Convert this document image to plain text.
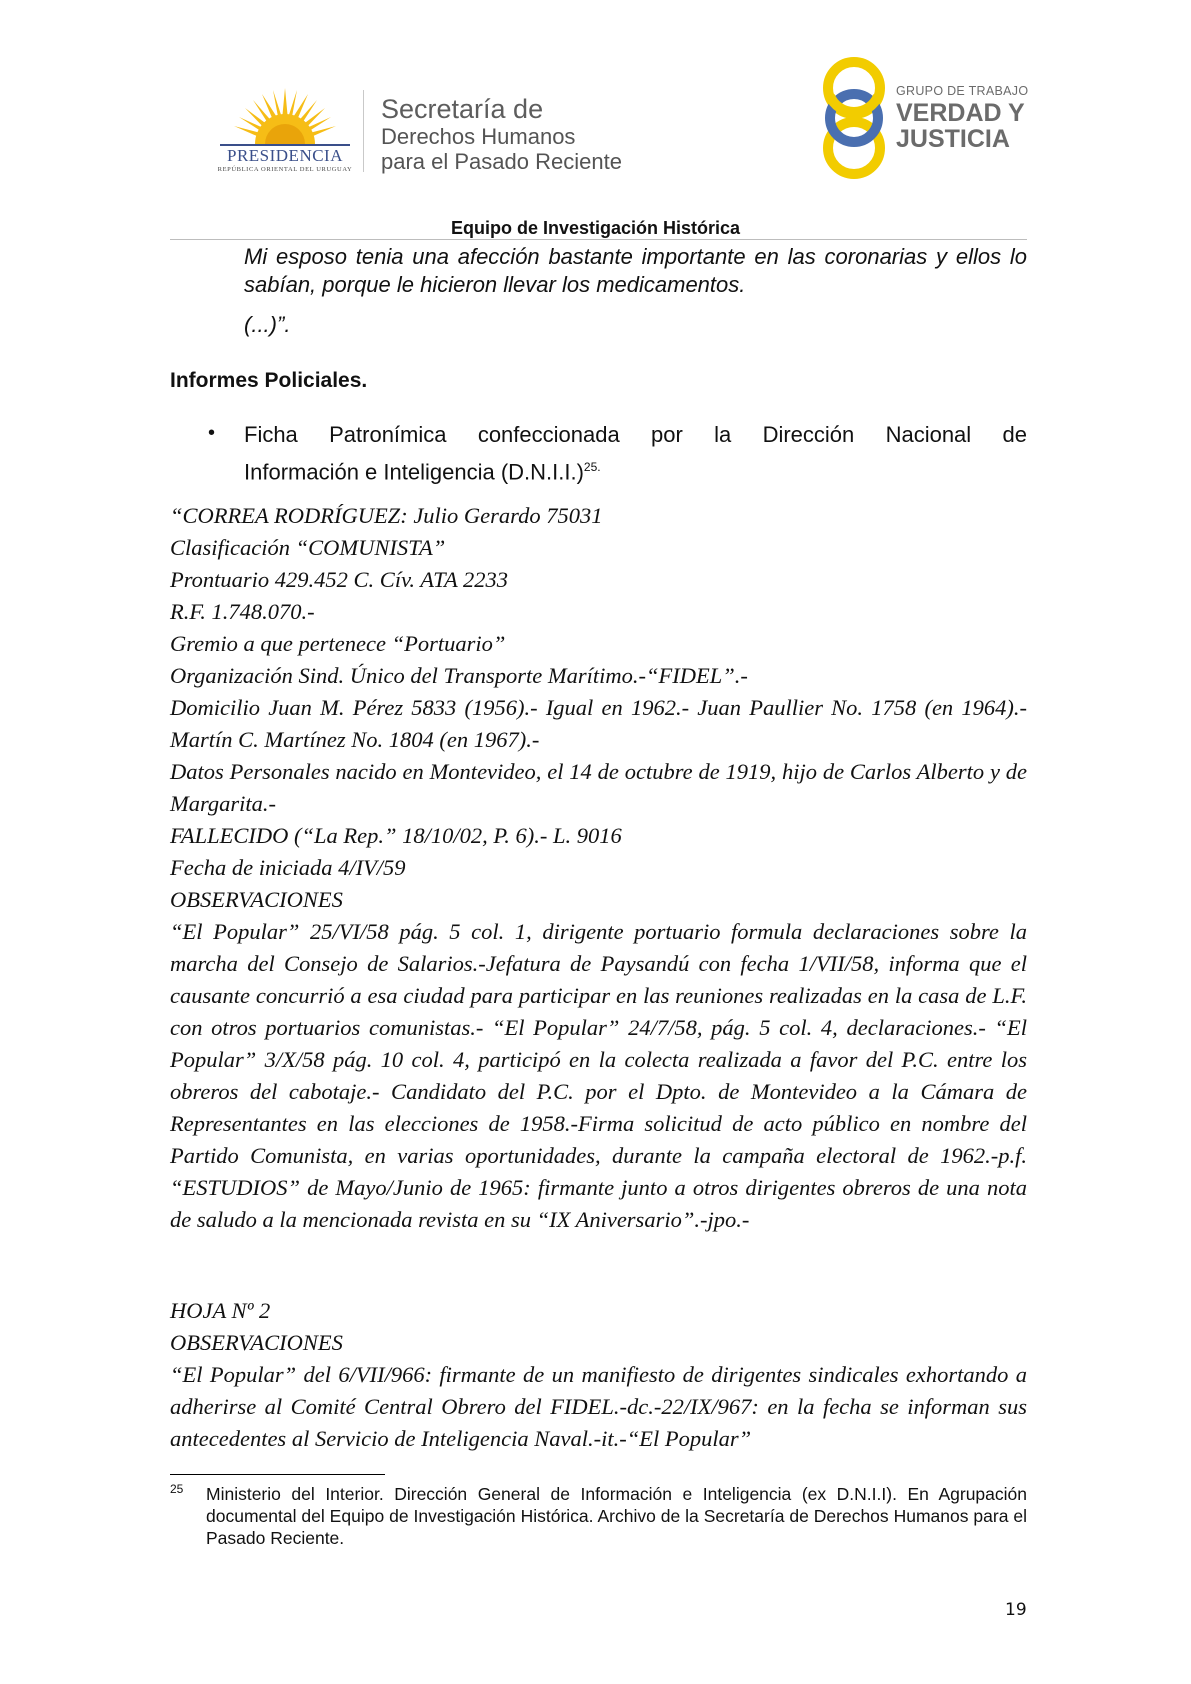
PRESIDENCIA
REPÚBLICA ORIENTAL DEL URUGUAY
Secretaría de
Derechos Humanos
para el Pasado Reciente
GRUPO DE TRABAJO
VERDAD Y
JUSTICIA
Equipo de Investigación Histórica
Mi esposo tenia una afección bastante importante en las coronarias y ellos lo sabían, porque le hicieron llevar los medicamentos.
(...)”.
Informes Policiales.
• Ficha Patronímica confeccionada por la Dirección Nacional de
Información e Inteligencia $(D.N.I.I.)^{25.}$

“CORREA RODRÍGUEZ: Julio Gerardo 75031

Clasificación “COMUNISTA”

Prontuario 429.452 C. Cív. ATA 2233

R.F. 1.748.070.-

Gremio a que pertenece “Portuario”

Organización Sind. Único del Transporte Marítimo.-“FIDEL”.-

Domicilio Juan M. Pérez 5833 (1956).- Igual en 1962.- Juan Paullier No. 1758 (en 1964).- Martín C. Martínez No. 1804 (en 1967).-

Datos Personales nacido en Montevideo, el 14 de octubre de 1919, hijo de Carlos Alberto y de Margarita.-

FALLECIDO (“La Rep.” 18/10/02, P. 6).- L. 9016

Fecha de iniciada 4/IV/59

OBSERVACIONES

“El Popular” 25/VI/58 pág. 5 col. 1, dirigente portuario formula declaraciones sobre la marcha del Consejo de Salarios.-Jefatura de Paysandú con fecha 1/VII/58, informa que el causante concurrió a esa ciudad para participar en las reuniones realizadas en la casa de L.F. con otros portuarios comunistas.- “El Popular” 24/7/58, pág. 5 col. 4, declaraciones.- “El Popular” 3/X/58 pág. 10 col. 4, participó en la colecta realizada a favor del P.C. entre los obreros del cabotaje.- Candidato del P.C. por el Dpto. de Montevideo a la Cámara de Representantes en las elecciones de 1958.-Firma solicitud de acto público en nombre del Partido Comunista, en varias oportunidades, durante la campaña electoral de 1962.-p.f. “ESTUDIOS” de Mayo/Junio de 1965: firmante junto a otros dirigentes obreros de una nota de saludo a la mencionada revista en su “IX Aniversario”.-jpo.-

HOJA Nº 2

OBSERVACIONES

“El Popular” del 6/VII/966: firmante de un manifiesto de dirigentes sindicales exhortando a adherirse al Comité Central Obrero del FIDEL.-dc.-22/IX/967: en la fecha se informan sus antecedentes al Servicio de Inteligencia Naval.-it.-“El Popular”

25 Ministerio del Interior. Dirección General de Información e Inteligencia (ex D.N.I.I). En Agrupación documental del Equipo de Investigación Histórica. Archivo de la Secretaría de Derechos Humanos para el Pasado Reciente.
19
